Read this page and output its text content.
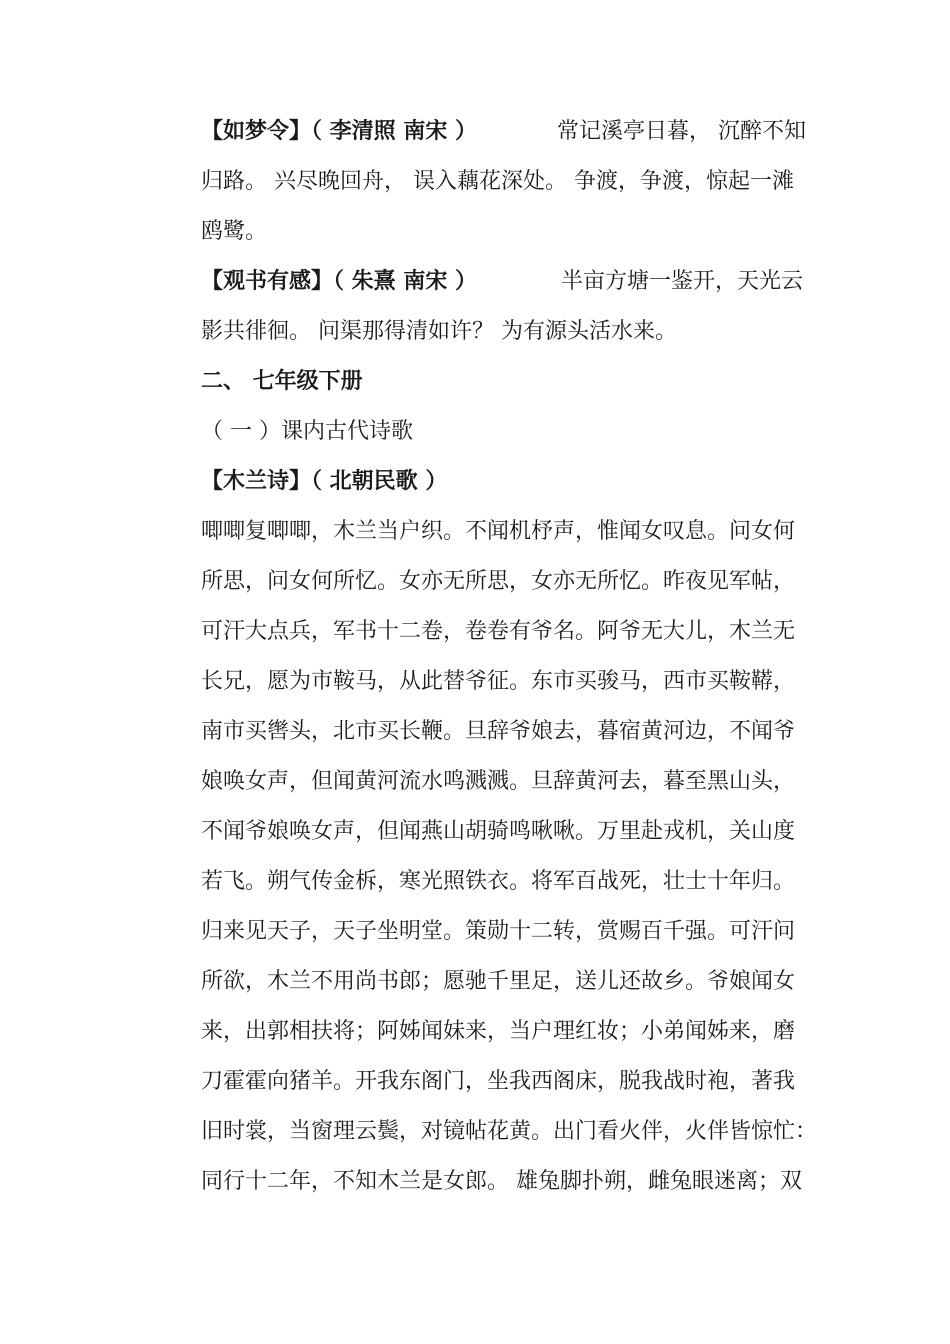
【如梦令】（ 李清照 南宋 ）	常记溪亭日暮， 沉醉不知
归路。 兴尽晚回舟， 误入藕花深处。 争渡，争渡，惊起一滩
鸥鹭。
【观书有感】（ 朱熹 南宋 ）	半亩方塘一鉴开，天光云
影共徘徊。 问渠那得清如许？ 为有源头活水来。
二、 七年级下册
（ 一 ）课内古代诗歌
【木兰诗】（ 北朝民歌 ）
唧唧复唧唧，木兰当户织。不闻机杼声，惟闻女叹息。问女何
所思，问女何所忆。女亦无所思，女亦无所忆。昨夜见军帖，
可汗大点兵，军书十二卷，卷卷有爷名。阿爷无大儿，木兰无
长兄，愿为市鞍马，从此替爷征。东市买骏马，西市买鞍鞯，
南市买辔头，北市买长鞭。旦辞爷娘去，暮宿黄河边，不闻爷
娘唤女声，但闻黄河流水鸣溅溅。旦辞黄河去，暮至黑山头，
不闻爷娘唤女声，但闻燕山胡骑鸣啾啾。万里赴戎机，关山度
若飞。朔气传金柝，寒光照铁衣。将军百战死，壮士十年归。
归来见天子，天子坐明堂。策勋十二转，赏赐百千强。可汗问
所欲，木兰不用尚书郎；愿驰千里足，送儿还故乡。爷娘闻女
来，出郭相扶将；阿姊闻妹来，当户理红妆；小弟闻姊来，磨
刀霍霍向猪羊。开我东阁门，坐我西阁床，脱我战时袍，著我
旧时裳，当窗理云鬓，对镜帖花黄。出门看火伴，火伴皆惊忙：
同行十二年，不知木兰是女郎。 雄兔脚扑朔，雌兔眼迷离；双
